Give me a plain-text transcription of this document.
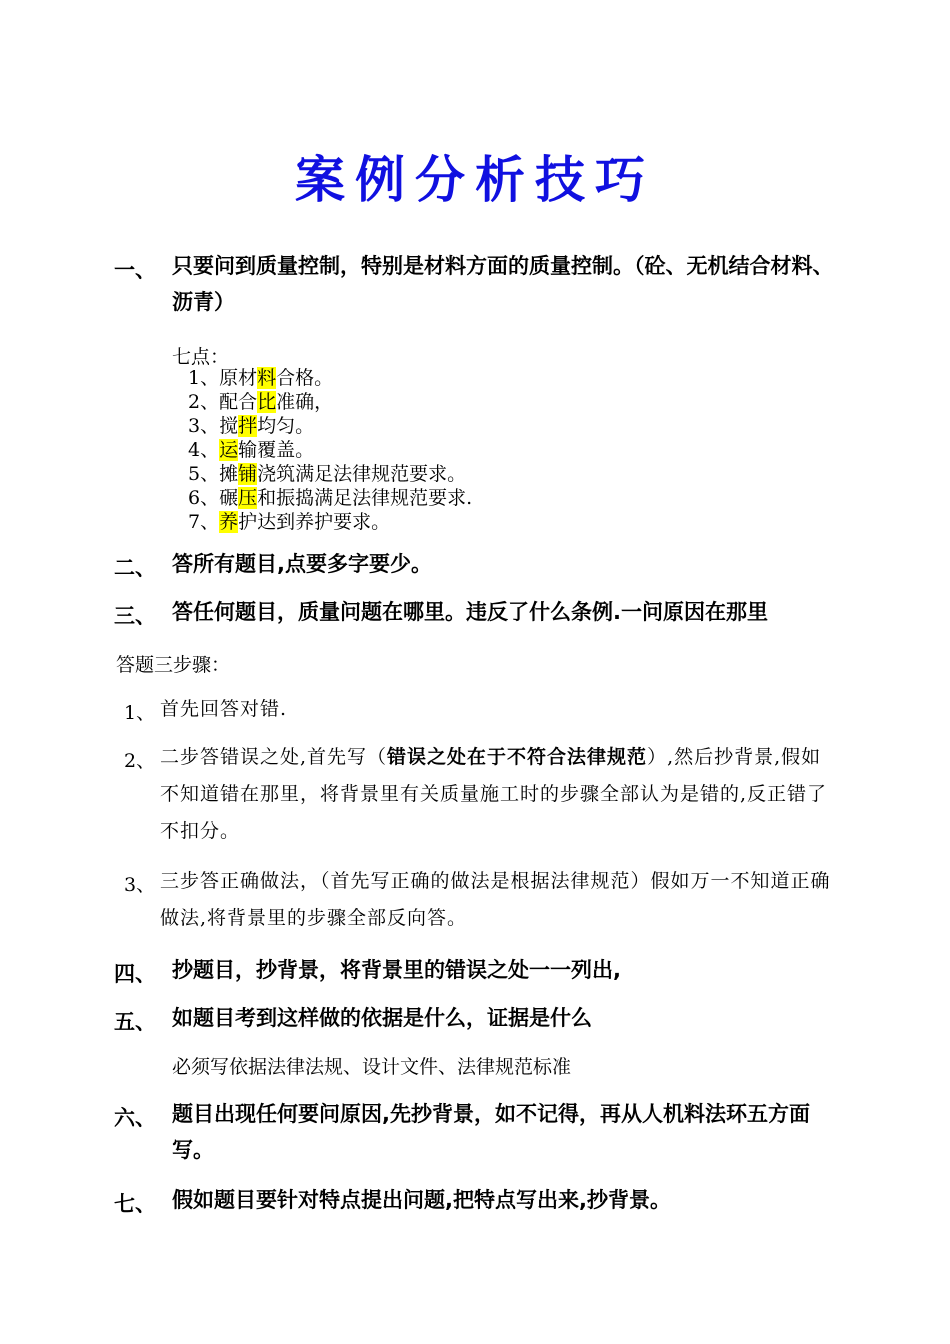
案例分析技巧
一、 只要问到质量控制，特别是材料方面的质量控制。（砼、无机结合材料、沥青）
七点：
1、原材料合格。
2、配合比准确，
3、搅拌均匀。
4、运输覆盖。
5、摊铺浇筑满足法律规范要求。
6、碾压和振捣满足法律规范要求.
7、养护达到养护要求。
二、 答所有题目,点要多字要少。
三、 答任何题目，质量问题在哪里。违反了什么条例.一问原因在那里
答题三步骤：
1、 首先回答对错.
2、 二步答错误之处,首先写（错误之处在于不符合法律规范）,然后抄背景,假如不知道错在那里，将背景里有关质量施工时的步骤全部认为是错的,反正错了不扣分。
3、 三步答正确做法，（首先写正确的做法是根据法律规范）假如万一不知道正确做法,将背景里的步骤全部反向答。
四、 抄题目，抄背景，将背景里的错误之处一一列出,
五、 如题目考到这样做的依据是什么，证据是什么
必须写依据法律法规、设计文件、法律规范标准
六、 题目出现任何要问原因,先抄背景，如不记得，再从人机料法环五方面写。
七、 假如题目要针对特点提出问题,把特点写出来,抄背景。
